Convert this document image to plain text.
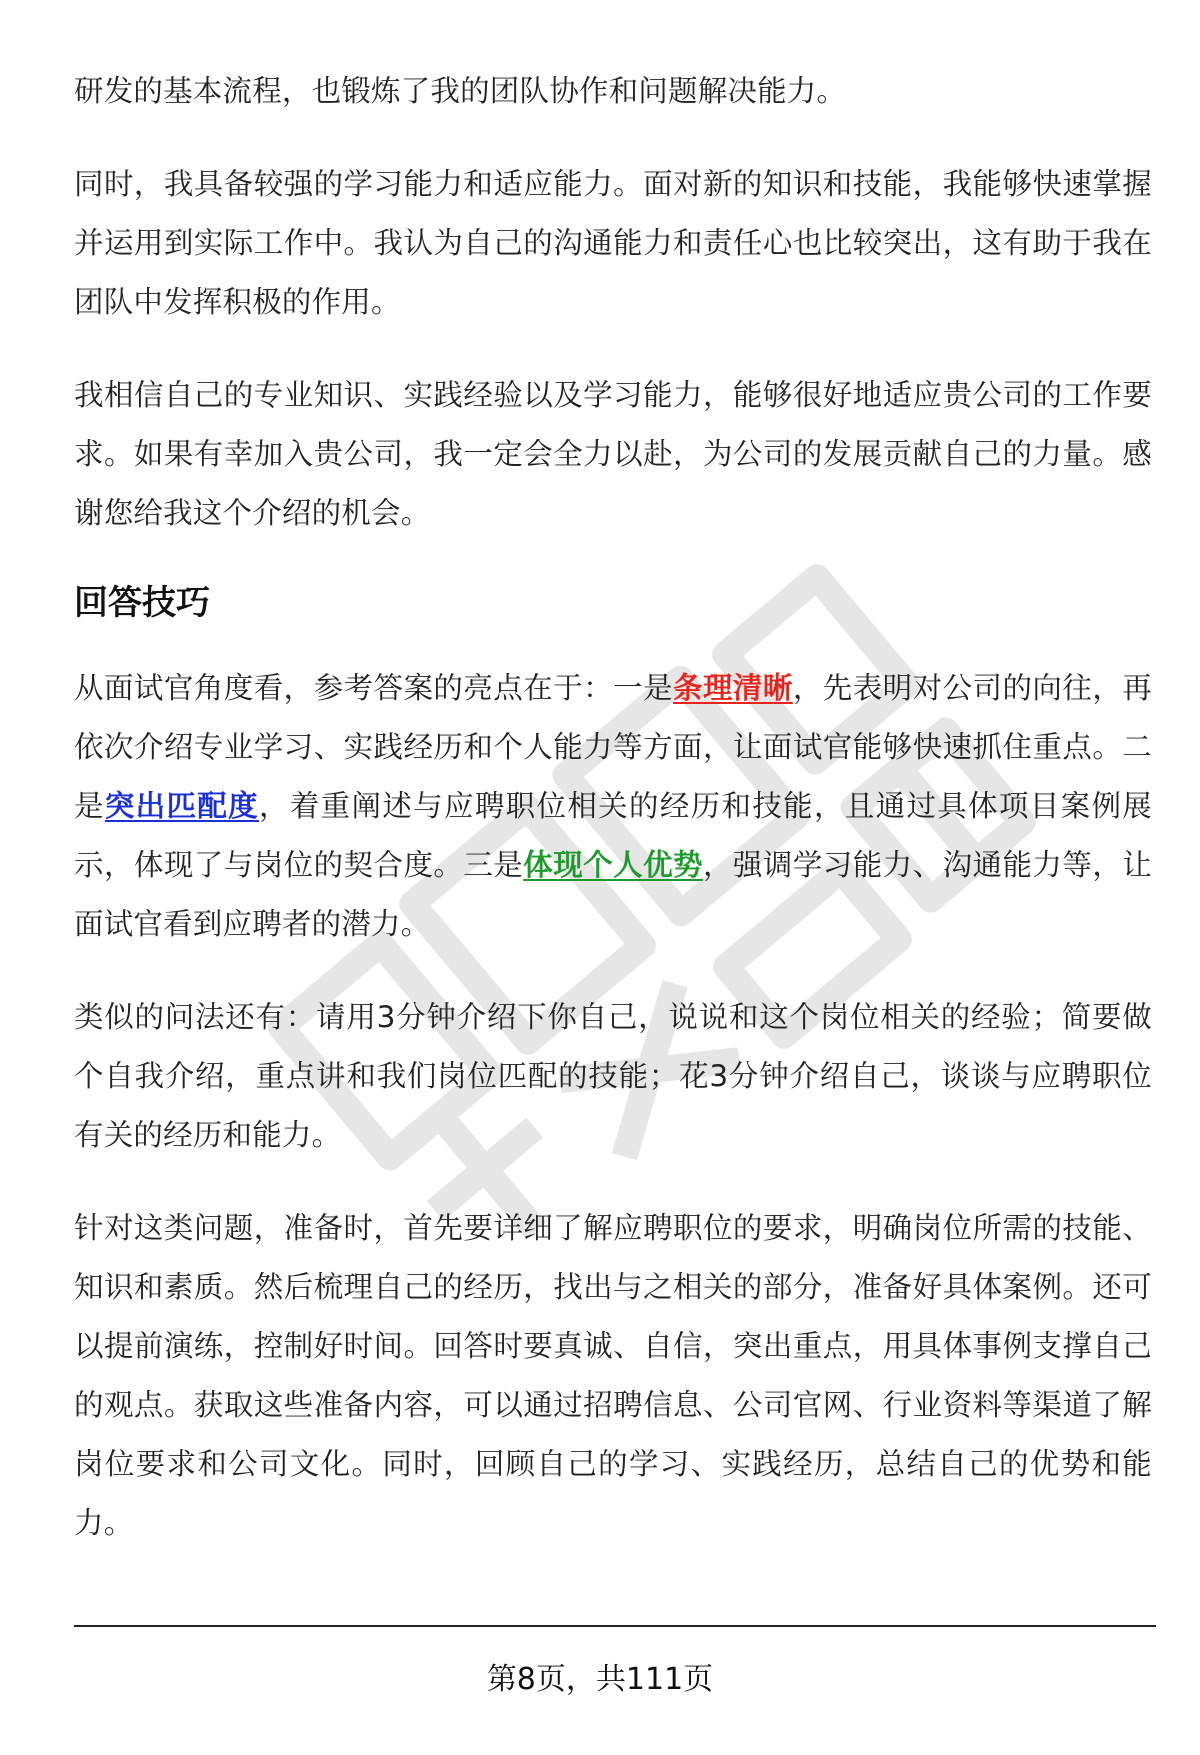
研发的基本流程，也锻炼了我的团队协作和问题解决能力。

同时，我具备较强的学习能力和适应能力。面对新的知识和技能，我能够快速掌握并运用到实际工作中。我认为自己的沟通能力和责任心也比较突出，这有助于我在团队中发挥积极的作用。

我相信自己的专业知识、实践经验以及学习能力，能够很好地适应贵公司的工作要求。如果有幸加入贵公司，我一定会全力以赴，为公司的发展贡献自己的力量。感谢您给我这个介绍的机会。

回答技巧

从面试官角度看，参考答案的亮点在于：一是条理清晰，先表明对公司的向往，再依次介绍专业学习、实践经历和个人能力等方面，让面试官能够快速抓住重点。二是突出匹配度，着重阐述与应聘职位相关的经历和技能，且通过具体项目案例展示，体现了与岗位的契合度。三是体现个人优势，强调学习能力、沟通能力等，让面试官看到应聘者的潜力。

类似的问法还有：请用3分钟介绍下你自己，说说和这个岗位相关的经验；简要做个自我介绍，重点讲和我们岗位匹配的技能；花3分钟介绍自己，谈谈与应聘职位有关的经历和能力。

针对这类问题，准备时，首先要详细了解应聘职位的要求，明确岗位所需的技能、知识和素质。然后梳理自己的经历，找出与之相关的部分，准备好具体案例。还可以提前演练，控制好时间。回答时要真诚、自信，突出重点，用具体事例支撑自己的观点。获取这些准备内容，可以通过招聘信息、公司官网、行业资料等渠道了解岗位要求和公司文化。同时，回顾自己的学习、实践经历，总结自己的优势和能力。

第8页，共111页
